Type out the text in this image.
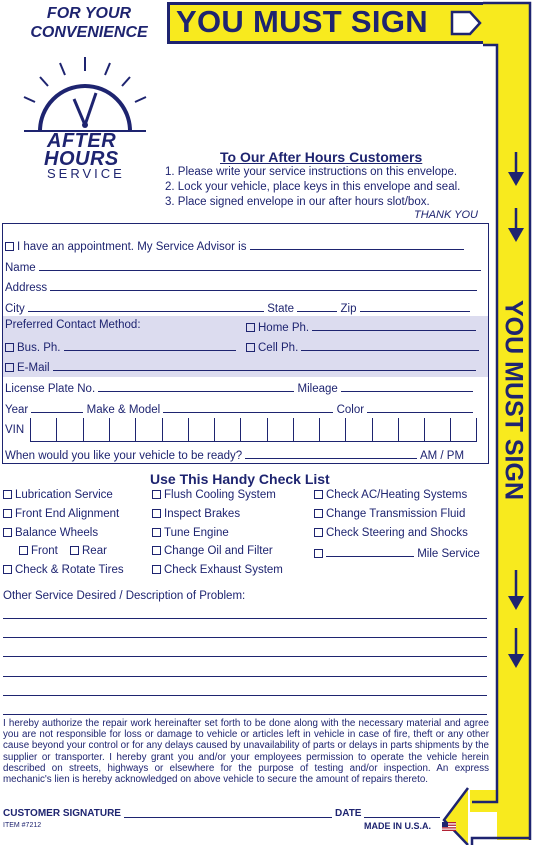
FOR YOUR
CONVENIENCE YOU MUST SIGN
YOU MUST SIGN
AFTER
HOURS
SERVICE
To Our After Hours Customers
1. Please write your service instructions on this envelope.
2. Lock your vehicle, place keys in this envelope and seal.
3. Place signed envelope in our after hours slot/box.
THANK YOU
I have an appointment. My Service Advisor is
Name
Address
City	State	Zip
Preferred Contact Method:	Home Ph.
Bus. Ph.	Cell Ph.
E-Mail
License Plate No.	Mileage
Year	Make & Model	Color
VIN
When would you like your vehicle to be ready?	AM / PM
Use This Handy Check List
Lubrication Service
Front End Alignment
Balance Wheels
Front	Rear
Check & Rotate Tires
Flush Cooling System
Inspect Brakes
Tune Engine
Change Oil and Filter
Check Exhaust System
Check AC/Heating Systems
Change Transmission Fluid
Check Steering and Shocks
Mile Service
Other Service Desired / Description of Problem:
I hereby authorize the repair work hereinafter set forth to be done along with the necessary material and agree you are not responsible for loss or damage to vehicle or articles left in vehicle in case of fire, theft or any other cause beyond your control or for any delays caused by unavailability of parts or delays in parts shipments by the supplier or transporter. I hereby grant you and/or your employees permission to operate the vehicle herein described on streets, highways or elsewhere for the purpose of testing and/or inspection. An express mechanic's lien is hereby acknowledged on above vehicle to secure the amount of repairs thereto.
CUSTOMER SIGNATURE	DATE
ITEM #7212	MADE IN U.S.A.
